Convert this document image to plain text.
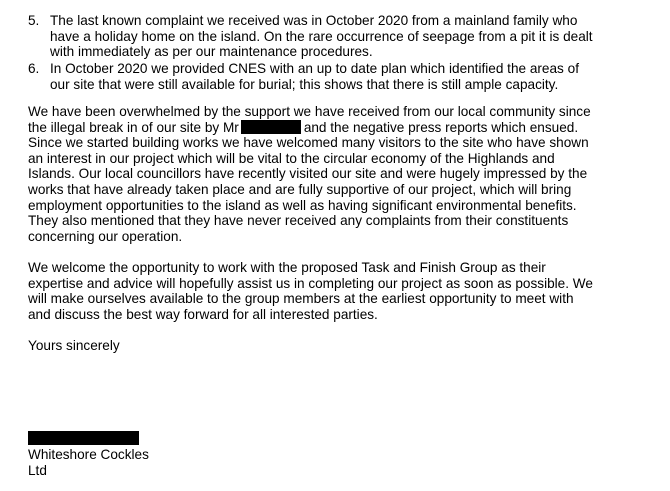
5. The last known complaint we received was in October 2020 from a mainland family who
have a holiday home on the island. On the rare occurrence of seepage from a pit it is dealt
with immediately as per our maintenance procedures.
6. In October 2020 we provided CNES with an up to date plan which identified the areas of
our site that were still available for burial; this shows that there is still ample capacity.
We have been overwhelmed by the support we have received from our local community since
the illegal break in of our site by Mr	and the negative press reports which ensued.
Since we started building works we have welcomed many visitors to the site who have shown
an interest in our project which will be vital to the circular economy of the Highlands and
Islands. Our local councillors have recently visited our site and were hugely impressed by the
works that have already taken place and are fully supportive of our project, which will bring
employment opportunities to the island as well as having significant environmental benefits.
They also mentioned that they have never received any complaints from their constituents
concerning our operation.
We welcome the opportunity to work with the proposed Task and Finish Group as their
expertise and advice will hopefully assist us in completing our project as soon as possible. We
will make ourselves available to the group members at the earliest opportunity to meet with
and discuss the best way forward for all interested parties.
Yours sincerely
Whiteshore Cockles
Ltd
